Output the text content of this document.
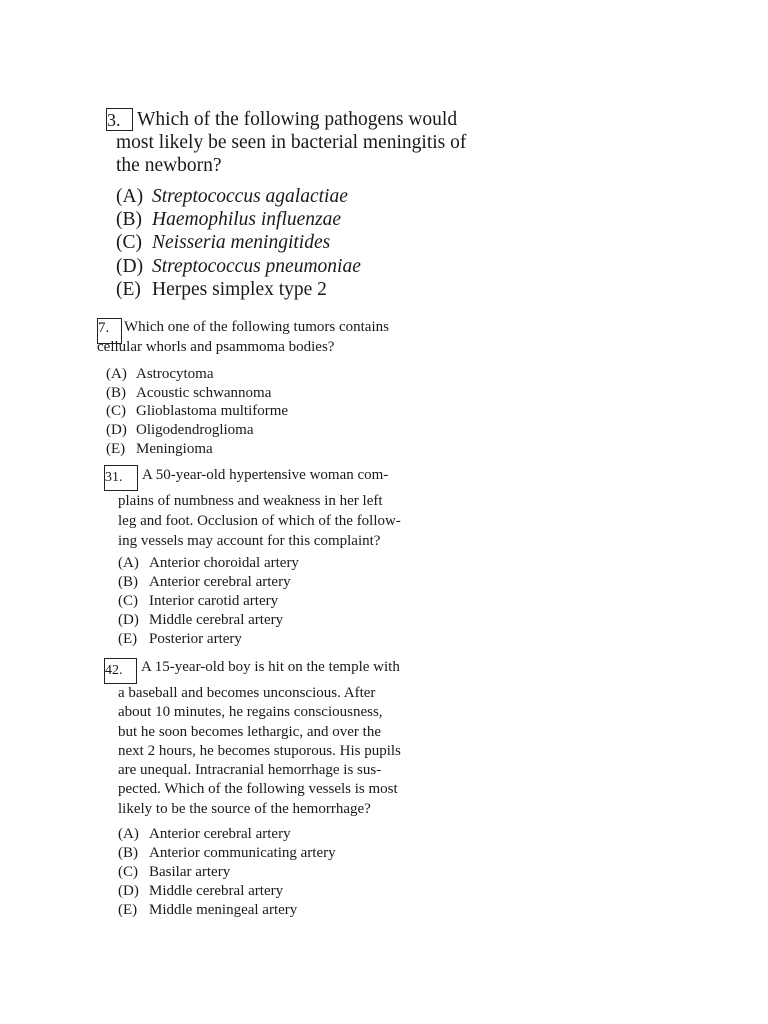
3. Which of the following pathogens would
most likely be seen in bacterial meningitis of
the newborn?
(A) Streptococcus agalactiae
(B) Haemophilus influenzae
(C) Neisseria meningitides
(D) Streptococcus pneumoniae
(E) Herpes simplex type 2
7. Which one of the following tumors contains
cellular whorls and psammoma bodies?
(A) Astrocytoma
(B) Acoustic schwannoma
(C) Glioblastoma multiforme
(D) Oligodendroglioma
(E) Meningioma
31. A 50-year-old hypertensive woman com-
plains of numbness and weakness in her left
leg and foot. Occlusion of which of the follow-
ing vessels may account for this complaint?
(A) Anterior choroidal artery
(B) Anterior cerebral artery
(C) Interior carotid artery
(D) Middle cerebral artery
(E) Posterior artery
42. A 15-year-old boy is hit on the temple with
a baseball and becomes unconscious. After
about 10 minutes, he regains consciousness,
but he soon becomes lethargic, and over the
next 2 hours, he becomes stuporous. His pupils
are unequal. Intracranial hemorrhage is sus-
pected. Which of the following vessels is most
likely to be the source of the hemorrhage?
(A) Anterior cerebral artery
(B) Anterior communicating artery
(C) Basilar artery
(D) Middle cerebral artery
(E) Middle meningeal artery
